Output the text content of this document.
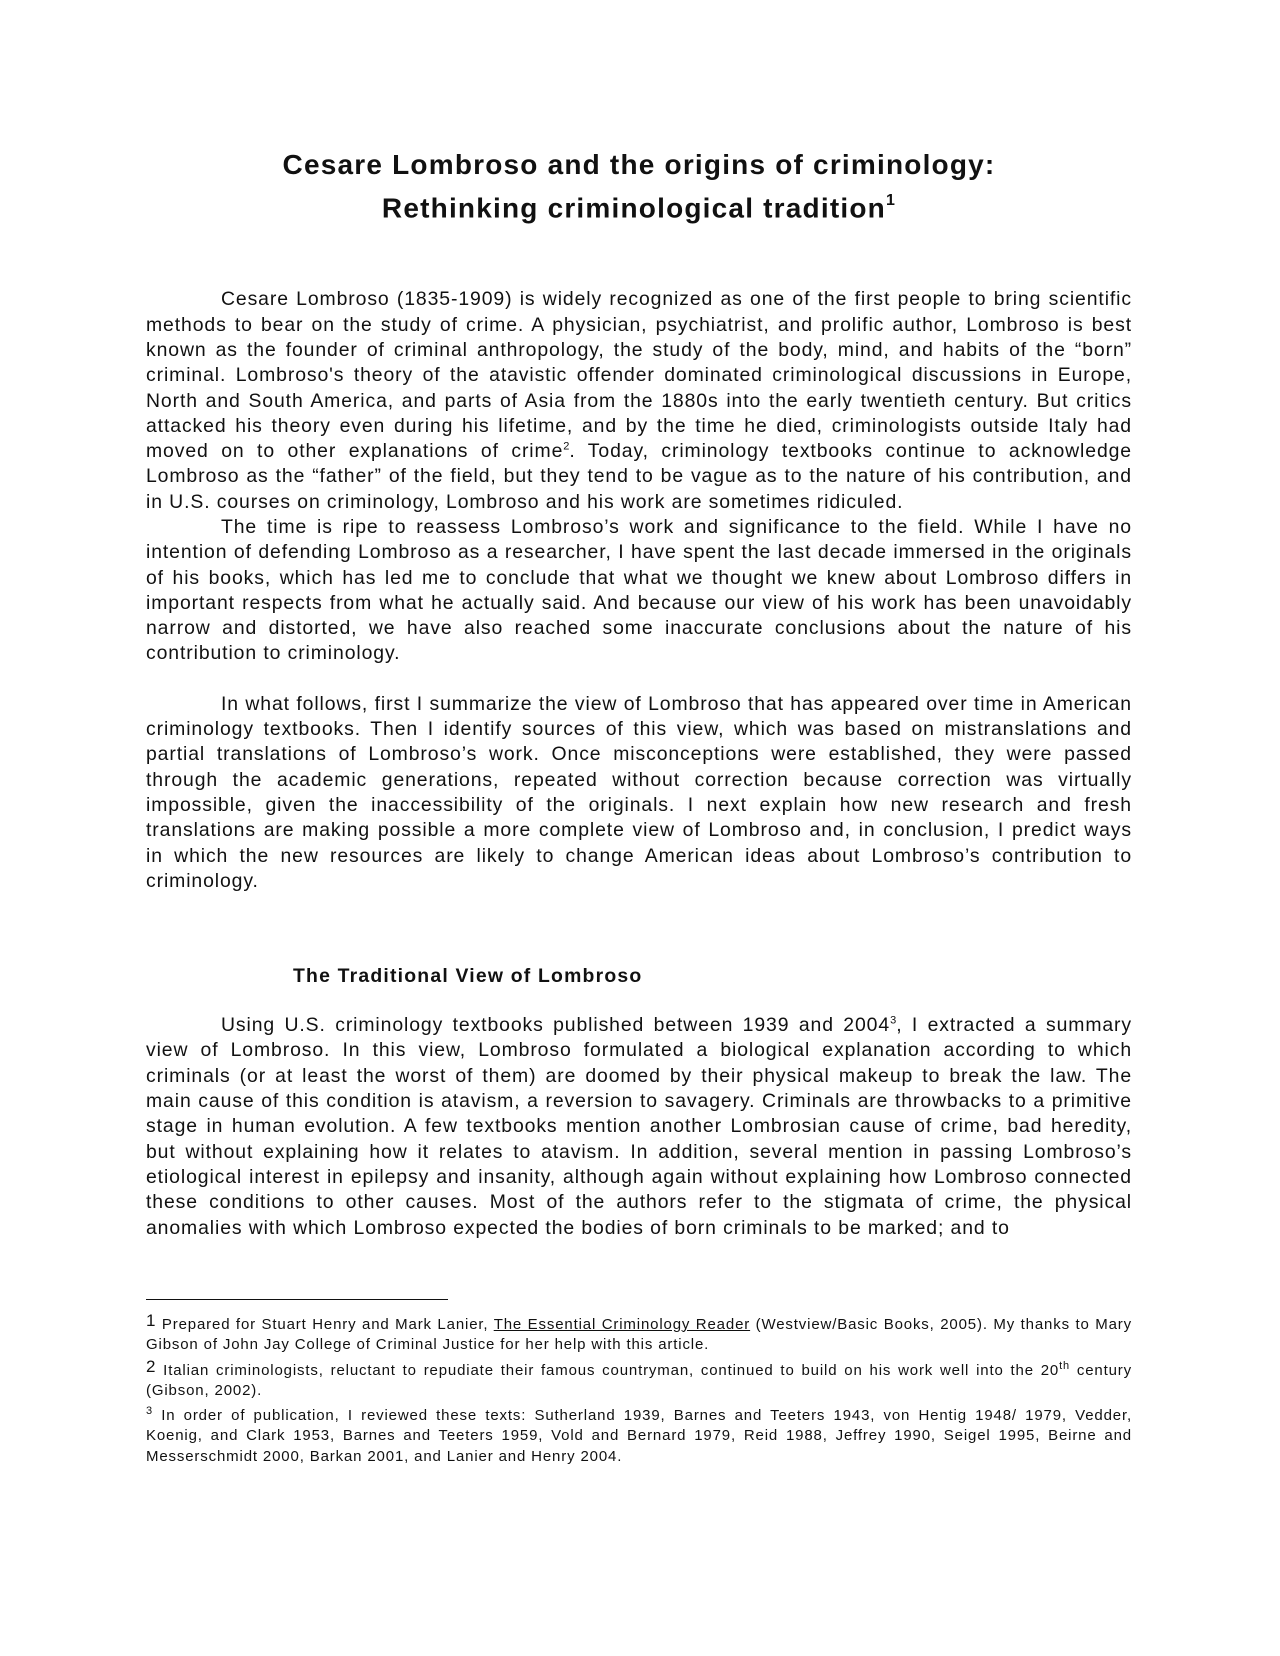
Cesare Lombroso and the origins of criminology:
Rethinking criminological tradition$^1$

Cesare Lombroso (1835-1909) is widely recognized as one of the first people to bring scientific methods to bear on the study of crime. A physician, psychiatrist, and prolific author, Lombroso is best known as the founder of criminal anthropology, the study of the body, mind, and habits of the “born” criminal. Lombroso's theory of the atavistic offender dominated criminological discussions in Europe, North and South America, and parts of Asia from the 1880s into the early twentieth century. But critics attacked his theory even during his lifetime, and by the time he died, criminologists outside Italy had moved on to other explanations of crime$^2$. Today, criminology textbooks continue to acknowledge Lombroso as the “father” of the field, but they tend to be vague as to the nature of his contribution, and in U.S. courses on criminology, Lombroso and his work are sometimes ridiculed.

The time is ripe to reassess Lombroso’s work and significance to the field. While I have no intention of defending Lombroso as a researcher, I have spent the last decade immersed in the originals of his books, which has led me to conclude that what we thought we knew about Lombroso differs in important respects from what he actually said. And because our view of his work has been unavoidably narrow and distorted, we have also reached some inaccurate conclusions about the nature of his contribution to criminology.

In what follows, first I summarize the view of Lombroso that has appeared over time in American criminology textbooks. Then I identify sources of this view, which was based on mistranslations and partial translations of Lombroso’s work. Once misconceptions were established, they were passed through the academic generations, repeated without correction because correction was virtually impossible, given the inaccessibility of the originals. I next explain how new research and fresh translations are making possible a more complete view of Lombroso and, in conclusion, I predict ways in which the new resources are likely to change American ideas about Lombroso’s contribution to criminology.

The Traditional View of Lombroso

Using U.S. criminology textbooks published between 1939 and 2004$^3$, I extracted a summary view of Lombroso. In this view, Lombroso formulated a biological explanation according to which criminals (or at least the worst of them) are doomed by their physical makeup to break the law. The main cause of this condition is atavism, a reversion to savagery. Criminals are throwbacks to a primitive stage in human evolution. A few textbooks mention another Lombrosian cause of crime, bad heredity, but without explaining how it relates to atavism. In addition, several mention in passing Lombroso’s etiological interest in epilepsy and insanity, although again without explaining how Lombroso connected these conditions to other causes. Most of the authors refer to the stigmata of crime, the physical anomalies with which Lombroso expected the bodies of born criminals to be marked; and to

1 Prepared for Stuart Henry and Mark Lanier, The Essential Criminology Reader (Westview/Basic Books, 2005). My thanks to Mary Gibson of John Jay College of Criminal Justice for her help with this article.

2 Italian criminologists, reluctant to repudiate their famous countryman, continued to build on his work well into the 20th century (Gibson, 2002).

$^3$ In order of publication, I reviewed these texts: Sutherland 1939, Barnes and Teeters 1943, von Hentig 1948/ 1979, Vedder, Koenig, and Clark 1953, Barnes and Teeters 1959, Vold and Bernard 1979, Reid 1988, Jeffrey 1990, Seigel 1995, Beirne and Messerschmidt 2000, Barkan 2001, and Lanier and Henry 2004.
